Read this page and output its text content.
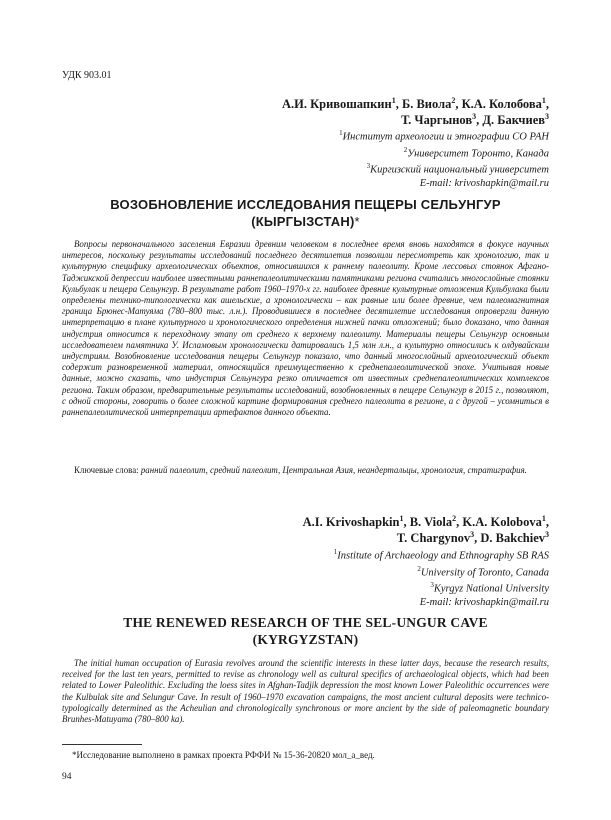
УДК 903.01
А.И. Кривошапкин$^1$, Б. Виола$^2$, К.А. Колобова$^1$,
Т. Чаргынов$^3$, Д. Бакчиев$^3$
$^1$Институт археологии и этнографии СО РАН
$^2$Университет Торонто, Канада
$^3$Киргизский национальный университет
E-mail: krivoshapkin@mail.ru
ВОЗОБНОВЛЕНИЕ ИССЛЕДОВАНИЯ ПЕЩЕРЫ СЕЛЬУНГУР
(КЫРГЫЗСТАН)*

Вопросы первоначального заселения Евразии древним человеком в последнее время вновь находятся в фокусе научных интересов, поскольку результаты исследований последнего десятилетия позволили пересмотреть как хронологию, так и культурную специфику археологических объектов, относившихся к раннему палеолиту. Кроме лессовых стоянок Афгано-Таджикской депрессии наиболее известными раннепалеолитическими памятниками региона считались многослойные стоянки Кульбулак и пещера Сельунгур. В результате работ 1960–1970-х гг. наиболее древние культурные отложения Кульбулака были определены технико-типологически как ашельские, а хронологически – как равные или более древние, чем палеомагнитная граница Брюнес-Матуяма (780–800 тыс. л.н.). Проводившиеся в последнее десятилетие исследования опровергли данную интерпретацию в плане культурного и хронологического определения нижней пачки отложений; было доказано, что данная индустрия относится к переходному этапу от среднего к верхнему палеолиту. Материалы пещеры Сельунгур основным исследователем памятника У. Исламовым хронологически датировались 1,5 млн л.н., а культурно относились к олдувайским индустриям. Возобновление исследования пещеры Сельунгур показало, что данный многослойный археологический объект содержит разновременной материал, относящийся преимущественно к среднепалеолитической эпохе. Учитывая новые данные, можно сказать, что индустрия Сельунгура резко отличается от известных среднепалеолитических комплексов региона. Таким образом, предварительные результаты исследований, возобновленных в пещере Сельунгур в 2015 г., позволяют, с одной стороны, говорить о более сложной картине формирования среднего палеолита в регионе, а с другой – усомниться в раннепалеолитической интерпретации артефактов данного объекта.

Ключевые слова: ранний палеолит, средний палеолит, Центральная Азия, неандертальцы, хронология, стратиграфия.

A.I. Krivoshapkin$^1$, B. Viola$^2$, K.A. Kolobova$^1$,
T. Chargynov$^3$, D. Bakchiev$^3$
$^1$Institute of Archaeology and Ethnography SB RAS
$^2$University of Toronto, Canada
$^3$Kyrgyz National University
E-mail: krivoshapkin@mail.ru
THE RENEWED RESEARCH OF THE SEL-UNGUR CAVE
(KYRGYZSTAN)

The initial human occupation of Eurasia revolves around the scientific interests in these latter days, because the research results, received for the last ten years, permitted to revise as chronology well as cultural specifics of archaeological objects, which had been related to Lower Paleolithic. Excluding the loess sites in Afghan-Tadjik depression the most known Lower Paleolithic occurrences were the Kulbulak site and Selungur Cave. In result of 1960–1970 excavation campaigns, the most ancient cultural deposits were technico-typologically determined as the Acheulian and chronologically synchronous or more ancient by the side of paleomagnetic boundary Brunhes-Matuyama (780–800 ka).

*Исследование выполнено в рамках проекта РФФИ № 15-36-20820 мол_а_вед.
94
